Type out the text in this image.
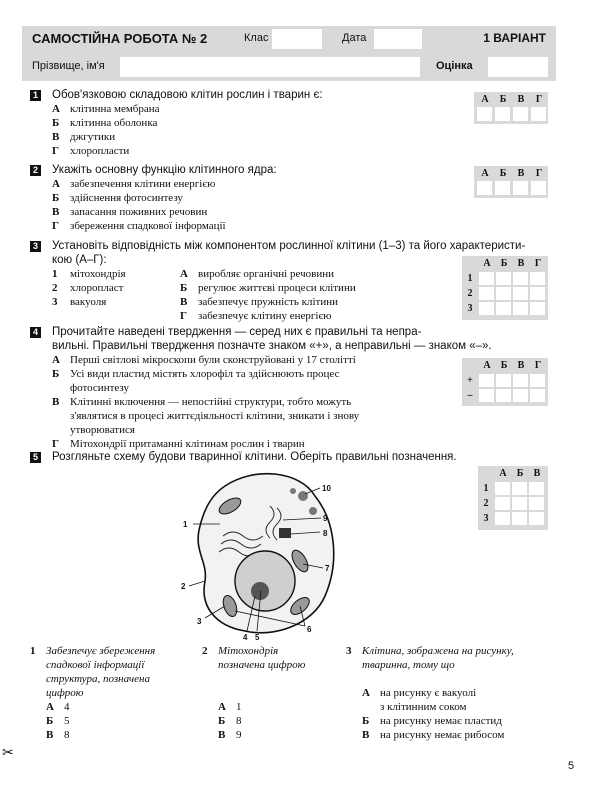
САМОСТІЙНА РОБОТА № 2	Клас	Дата	1 ВАРІАНТ
Прізвище, ім'я	Оцінка
1 Обов'язковою складовою клітин рослин і тварин є:
А клітинна мембрана
Б клітинна оболонка
В джгутики
Г хлоропласти
А	Б	В	Г
2 Укажіть основну функцію клітинного ядра:
А забезпечення клітини енергією
Б здійснення фотосинтезу
В запасання поживних речовин
Г збереження спадкової інформації
А	Б	В	Г
3 Установіть відповідність між компонентом рослинної клітини (1–3) та його характеристи-
кою (А–Г):
1 мітохондрія
2 хлоропласт
3 вакуоля
А виробляє органічні речовини
Б регулює життєві процеси клітини
В забезпечує пружність клітини
Г забезпечує клітину енергією
А	Б	В	Г
1
2
3
4 Прочитайте наведені твердження — серед них є правильні та непра-
вильні. Правильні твердження позначте знаком «+», а неправильні — знаком «–».
А Перші світлові мікроскопи були сконструйовані у 17 столітті
Б Усі види пластид містять хлорофіл та здійснюють процес
фотосинтезу
В Клітинні включення — непостійні структури, тобто можуть
з'являтися в процесі життєдіяльності клітини, зникати і знову
утворюватися
Г Мітохондрії притаманні клітинам рослин і тварин
А	Б	В	Г
+
–
5 Розгляньте схему будови тваринної клітини. Оберіть правильні позначення.
А	Б	В
1
2
3
1
2
3
4 5
6
7
8
9
10
1 Забезпечує збереження
спадкової інформації
структура, позначена
цифрою
А 4
Б 5
В 8
2 Мітохондрія
позначена цифрою
А 1
Б 8
В 9
3 Клітина, зображена на рисунку,
тваринна, тому що
А на рисунку є вакуолі
з клітинним соком
Б на рисунку немає пластид
В на рисунку немає рибосом
✂
5
